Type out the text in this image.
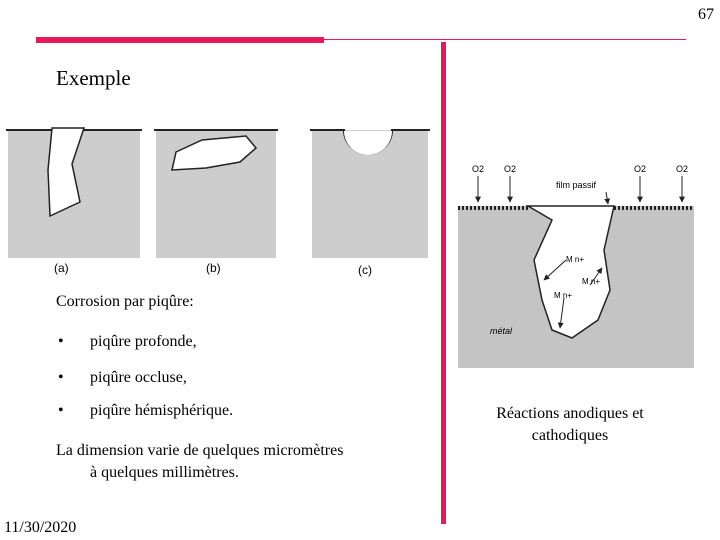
67
Exemple
(a)	(b)	(c)
O2 O2	O2	O2
film passif
M n+
M n+
M n+
métal
Corrosion par piqûre:
• piqûre profonde,
• piqûre occluse,
• piqûre hémisphérique.
La dimension varie de quelques micromètres
à quelques millimètres.
Réactions anodiques et
cathodiques
11/30/2020
